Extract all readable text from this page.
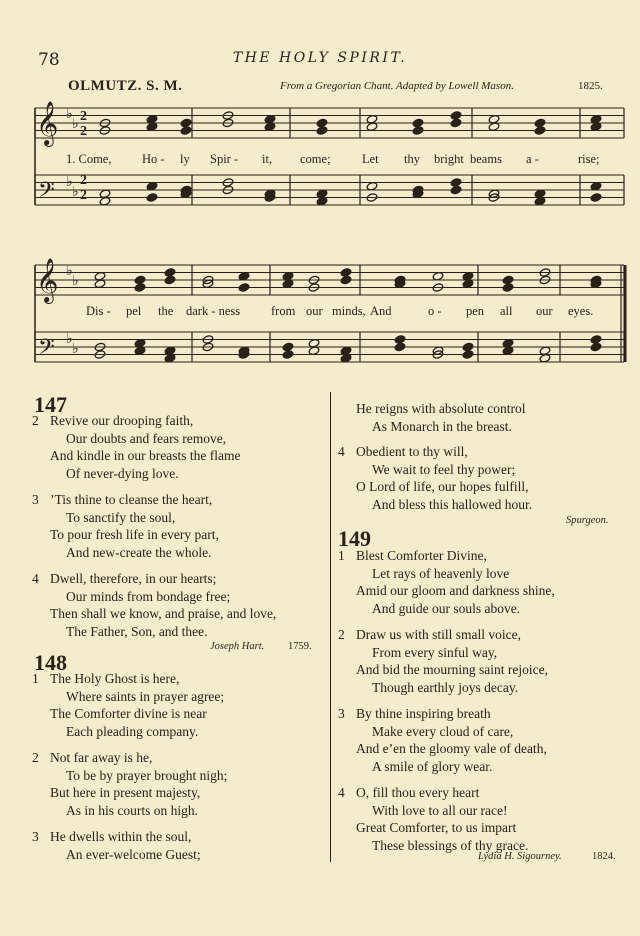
78	THE HOLY SPIRIT.
OLMUTZ. S. M.	From a Gregorian Chant. Adapted by Lowell Mason.	1825.
𝄞
𝄢
♭
♭
♭
♭
2
2
2
2
1. Come, Ho - ly Spir - it, come;	Let thy bright beams a -	rise;
𝄞
𝄢
♭
♭
♭
♭
Dis - pel the dark - ness from our minds, And	o - pen all our eyes.
147
2 Revive our drooping faith,
Our doubts and fears remove,
And kindle in our breasts the flame
Of never-dying love.
3 ’Tis thine to cleanse the heart,
To sanctify the soul,
To pour fresh life in every part,
And new-create the whole.
4 Dwell, therefore, in our hearts;
Our minds from bondage free;
Then shall we know, and praise, and love,
The Father, Son, and thee.
Joseph Hart. 1759.
148
1 The Holy Ghost is here,
Where saints in prayer agree;
The Comforter divine is near
Each pleading company.
2 Not far away is he,
To be by prayer brought nigh;
But here in present majesty,
As in his courts on high.
3 He dwells within the soul,
An ever-welcome Guest;
He reigns with absolute control
As Monarch in the breast.
4 Obedient to thy will,
We wait to feel thy power;
O Lord of life, our hopes fulfill,
And bless this hallowed hour.
Spurgeon.
149
1 Blest Comforter Divine,
Let rays of heavenly love
Amid our gloom and darkness shine,
And guide our souls above.
2 Draw us with still small voice,
From every sinful way,
And bid the mourning saint rejoice,
Though earthly joys decay.
3 By thine inspiring breath
Make every cloud of care,
And e’en the gloomy vale of death,
A smile of glory wear.
4 O, fill thou every heart
With love to all our race!
Great Comforter, to us impart
These blessings of thy grace.
Lydia H. Sigourney.	1824.
